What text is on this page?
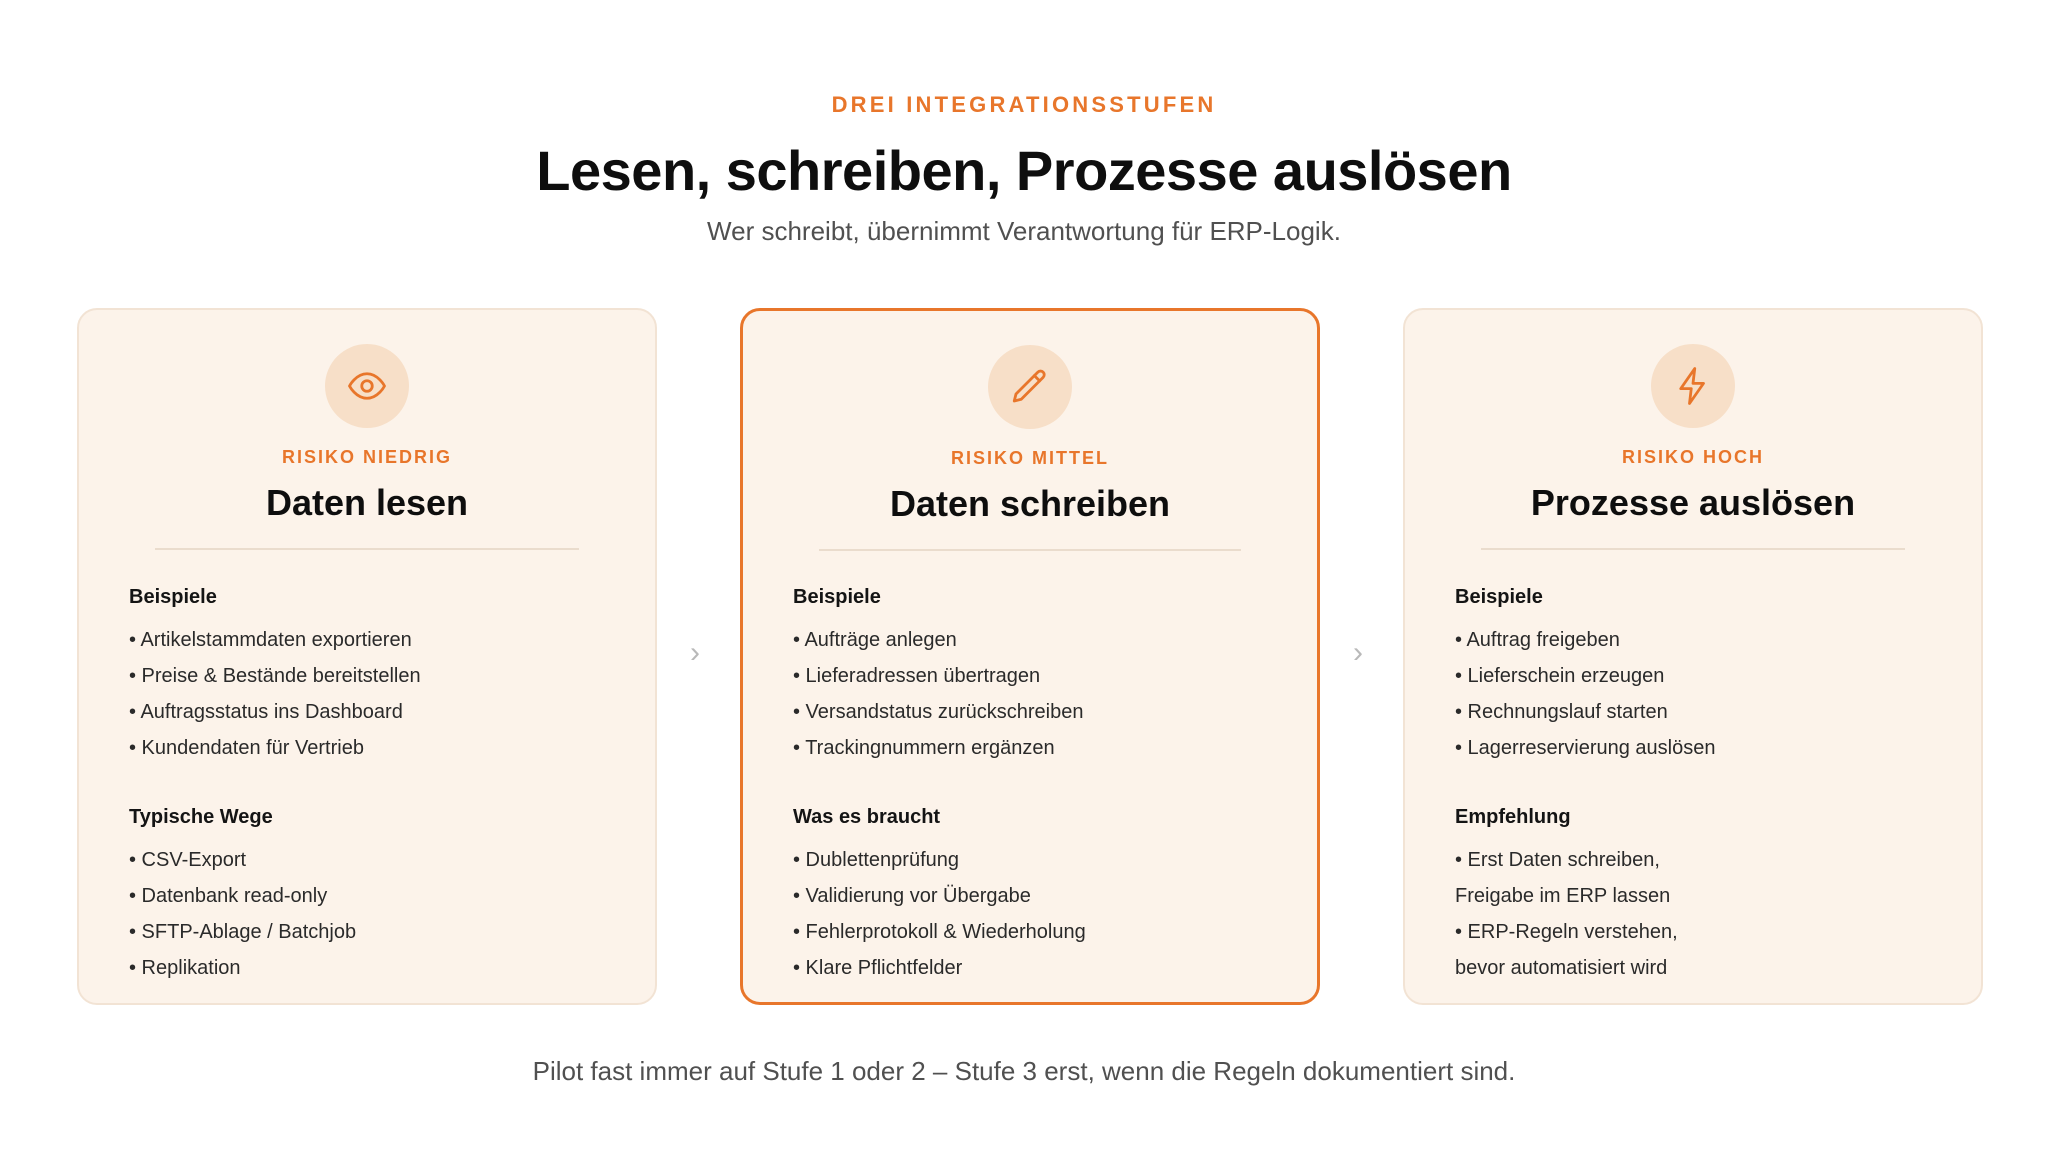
DREI INTEGRATIONSSTUFEN
Lesen, schreiben, Prozesse auslösen
Wer schreibt, übernimmt Verantwortung für ERP-Logik.
RISIKO NIEDRIG
Daten lesen
Beispiele
• Artikelstammdaten exportieren
• Preise & Bestände bereitstellen
• Auftragsstatus ins Dashboard
• Kundendaten für Vertrieb
Typische Wege
• CSV-Export
• Datenbank read-only
• SFTP-Ablage / Batchjob
• Replikation
›
RISIKO MITTEL
Daten schreiben
Beispiele
• Aufträge anlegen
• Lieferadressen übertragen
• Versandstatus zurückschreiben
• Trackingnummern ergänzen
Was es braucht
• Dublettenprüfung
• Validierung vor Übergabe
• Fehlerprotokoll & Wiederholung
• Klare Pflichtfelder
›
RISIKO HOCH
Prozesse auslösen
Beispiele
• Auftrag freigeben
• Lieferschein erzeugen
• Rechnungslauf starten
• Lagerreservierung auslösen
Empfehlung
• Erst Daten schreiben,
Freigabe im ERP lassen
• ERP-Regeln verstehen,
bevor automatisiert wird
Pilot fast immer auf Stufe 1 oder 2 – Stufe 3 erst, wenn die Regeln dokumentiert sind.
